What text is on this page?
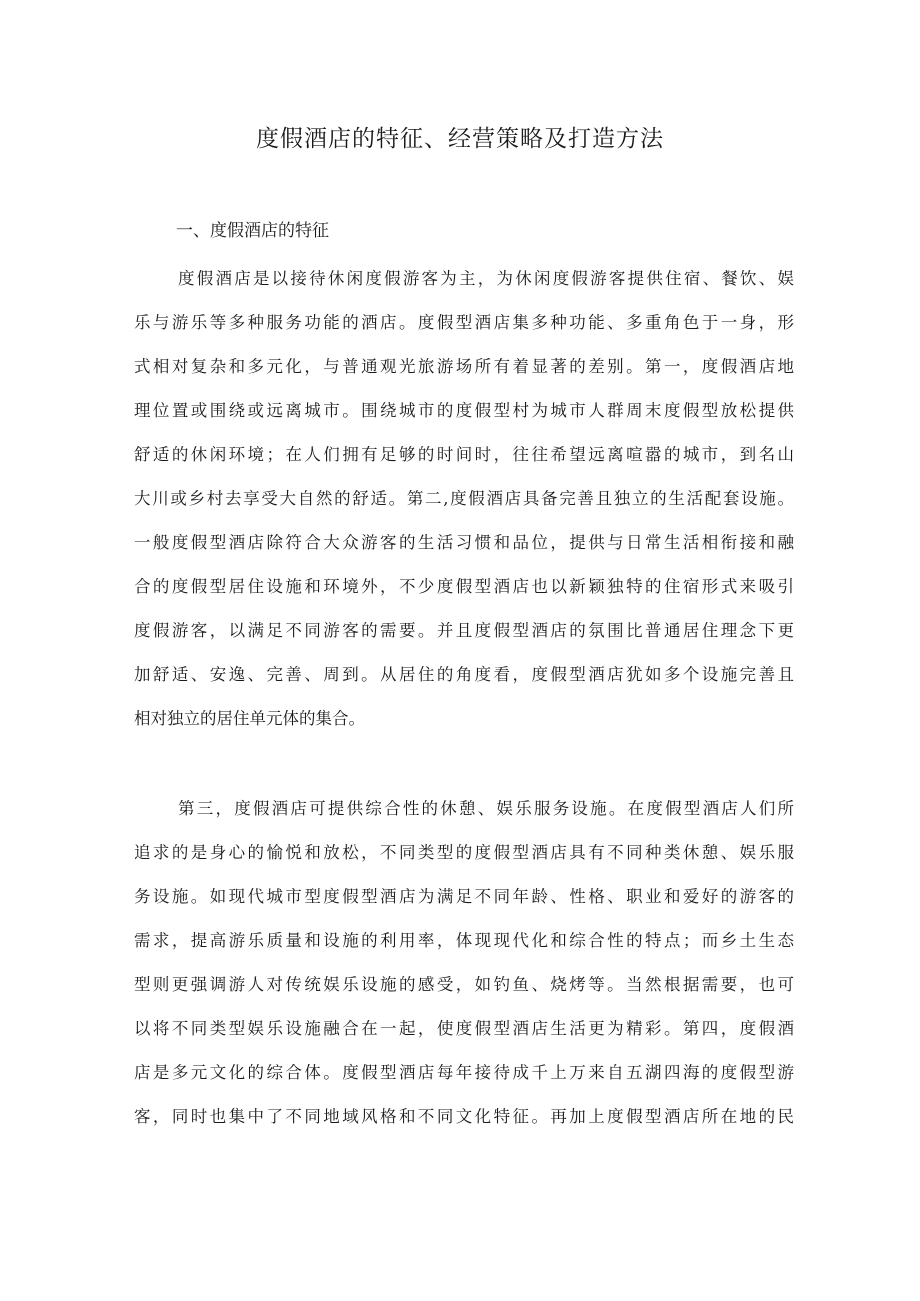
度假酒店的特征、经营策略及打造方法

一、度假酒店的特征

度假酒店是以接待休闲度假游客为主，为休闲度假游客提供住宿、餐饮、娱
乐与游乐等多种服务功能的酒店。度假型酒店集多种功能、多重角色于一身，形
式相对复杂和多元化，与普通观光旅游场所有着显著的差别。第一，度假酒店地
理位置或围绕或远离城市。围绕城市的度假型村为城市人群周末度假型放松提供
舒适的休闲环境；在人们拥有足够的时间时，往往希望远离喧嚣的城市，到名山
大川或乡村去享受大自然的舒适。第二,度假酒店具备完善且独立的生活配套设施。
一般度假型酒店除符合大众游客的生活习惯和品位，提供与日常生活相衔接和融
合的度假型居住设施和环境外，不少度假型酒店也以新颖独特的住宿形式来吸引
度假游客，以满足不同游客的需要。并且度假型酒店的氛围比普通居住理念下更
加舒适、安逸、完善、周到。从居住的角度看，度假型酒店犹如多个设施完善且
相对独立的居住单元体的集合。
第三，度假酒店可提供综合性的休憩、娱乐服务设施。在度假型酒店人们所
追求的是身心的愉悦和放松，不同类型的度假型酒店具有不同种类休憩、娱乐服
务设施。如现代城市型度假型酒店为满足不同年龄、性格、职业和爱好的游客的
需求，提高游乐质量和设施的利用率，体现现代化和综合性的特点；而乡土生态
型则更强调游人对传统娱乐设施的感受，如钓鱼、烧烤等。当然根据需要，也可
以将不同类型娱乐设施融合在一起，使度假型酒店生活更为精彩。第四，度假酒
店是多元文化的综合体。度假型酒店每年接待成千上万来自五湖四海的度假型游
客，同时也集中了不同地域风格和不同文化特征。再加上度假型酒店所在地的民
